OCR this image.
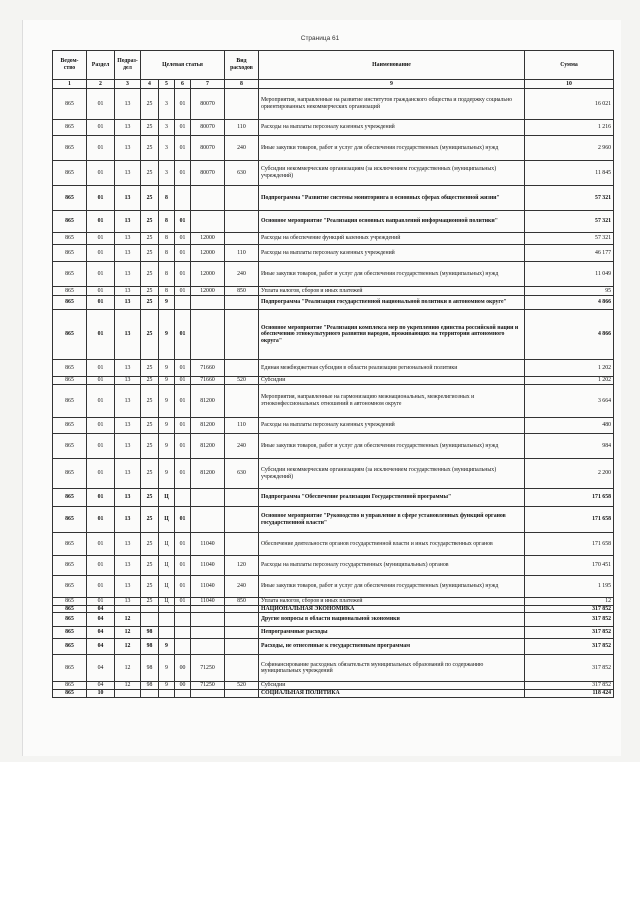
Страница 61
Ведом-ство	Раздел	Подраз-дел	Целевая статья				Вид расходов	Наименование	Сумма
1	2	3	4	5	6	7	8	9	10
865	01	13	25	3	01	80070		Мероприятия, направленные на развитие институтов гражданского общества и поддержку социально ориентированных некоммерческих организаций	16 021
865	01	13	25	3	01	80070	110	Расходы на выплаты персоналу казенных учреждений	1 216
865	01	13	25	3	01	80070	240	Иные закупки товаров, работ и услуг для обеспечения государственных (муниципальных) нужд	2 960
865	01	13	25	3	01	80070	630	Субсидии некоммерческим организациям (за исключением государственных (муниципальных) учреждений)	11 845
865	01	13	25	8				Подпрограмма "Развитие системы мониторинга в основных сферах общественной жизни"	57 321
865	01	13	25	8	01			Основное мероприятие "Реализация основных направлений информационной политики"	57 321
865	01	13	25	8	01	12000		Расходы на обеспечение функций казенных учреждений	57 321
865	01	13	25	8	01	12000	110	Расходы на выплаты персоналу казенных учреждений	46 177
865	01	13	25	8	01	12000	240	Иные закупки товаров, работ и услуг для обеспечения государственных (муниципальных) нужд	11 049
865	01	13	25	8	01	12000	850	Уплата налогов, сборов и иных платежей	95
865	01	13	25	9				Подпрограмма "Реализация государственной национальной политики в автономном округе"	4 866
865	01	13	25	9	01			Основное мероприятие "Реализация комплекса мер по укреплению единства российской нации и обеспечению этнокультурного развития народов, проживающих на территории автономного округа"	4 866
865	01	13	25	9	01	71660		Единая межбюджетная субсидия в области реализации региональной политики	1 202
865	01	13	25	9	01	71660	520	Субсидии	1 202
865	01	13	25	9	01	81200		Мероприятия, направленные на гармонизацию межнациональных, межрелигиозных и этноконфессиональных отношений в автономном округе	3 664
865	01	13	25	9	01	81200	110	Расходы на выплаты персоналу казенных учреждений	480
865	01	13	25	9	01	81200	240	Иные закупки товаров, работ и услуг для обеспечения государственных (муниципальных) нужд	984
865	01	13	25	9	01	81200	630	Субсидии некоммерческим организациям (за исключением государственных (муниципальных) учреждений)	2 200
865	01	13	25	Ц				Подпрограмма "Обеспечение реализации Государственной программы"	171 658
865	01	13	25	Ц	01			Основное мероприятие "Руководство и управление в сфере установленных функций органов государственной власти"	171 658
865	01	13	25	Ц	01	11040		Обеспечение деятельности органов государственной власти и иных государственных органов	171 658
865	01	13	25	Ц	01	11040	120	Расходы на выплаты персоналу государственных (муниципальных) органов	170 451
865	01	13	25	Ц	01	11040	240	Иные закупки товаров, работ и услуг для обеспечения государственных (муниципальных) нужд	1 195
865	01	13	25	Ц	01	11040	850	Уплата налогов, сборов и иных платежей	12
865	04							НАЦИОНАЛЬНАЯ ЭКОНОМИКА	317 852
865	04	12						Другие вопросы в области национальной экономики	317 852
865	04	12	98					Непрограммные расходы	317 852
865	04	12	98	9				Расходы, не отнесенные к государственным программам	317 852
865	04	12	98	9	00	71250		Софинансирование расходных обязательств муниципальных образований по содержанию муниципальных учреждений	317 852
865	04	12	98	9	00	71250	520	Субсидии	317 852
865	10							СОЦИАЛЬНАЯ ПОЛИТИКА	118 424
